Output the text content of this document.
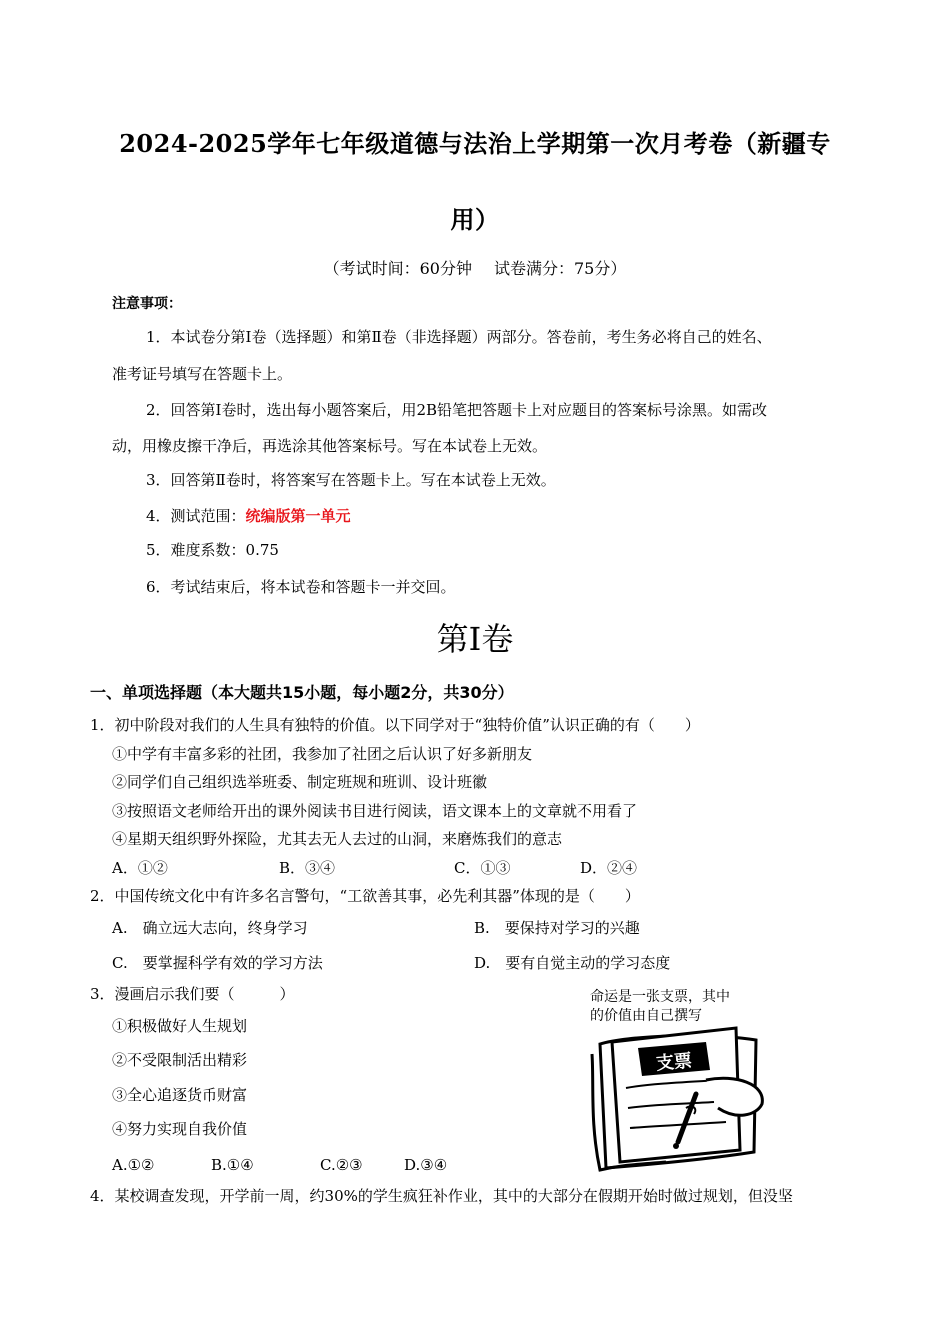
2024-2025学年七年级道德与法治上学期第一次月考卷（新疆专
用）
（考试时间：60分钟 试卷满分：75分）
注意事项：
1．本试卷分第Ⅰ卷（选择题）和第Ⅱ卷（非选择题）两部分。答卷前，考生务必将自己的姓名、
准考证号填写在答题卡上。
2．回答第Ⅰ卷时，选出每小题答案后，用2B铅笔把答题卡上对应题目的答案标号涂黑。如需改
动，用橡皮擦干净后，再选涂其他答案标号。写在本试卷上无效。
3．回答第Ⅱ卷时，将答案写在答题卡上。写在本试卷上无效。
4．测试范围：统编版第一单元
5．难度系数：0.75
6．考试结束后，将本试卷和答题卡一并交回。
第Ⅰ卷
一、单项选择题（本大题共15小题，每小题2分，共30分）
1．初中阶段对我们的人生具有独特的价值。以下同学对于“独特价值”认识正确的有（　　）
①中学有丰富多彩的社团，我参加了社团之后认识了好多新朋友
②同学们自己组织选举班委、制定班规和班训、设计班徽
③按照语文老师给开出的课外阅读书目进行阅读，语文课本上的文章就不用看了
④星期天组织野外探险，尤其去无人去过的山洞，来磨炼我们的意志
A．①②	B．③④	C．①③	D．②④
2．中国传统文化中有许多名言警句，“工欲善其事，必先利其器”体现的是（　　）
A.　确立远大志向，终身学习	B.　要保持对学习的兴趣
C.　要掌握科学有效的学习方法	D.　要有自觉主动的学习态度
3．漫画启示我们要（　　　）
①积极做好人生规划
②不受限制活出精彩
③全心追逐货币财富
④努力实现自我价值
A.①②	B.①④	C.②③	D.③④
命运是一张支票，其中
的价值由自己撰写
支票
4．某校调查发现，开学前一周，约30%的学生疯狂补作业，其中的大部分在假期开始时做过规划，但没坚
